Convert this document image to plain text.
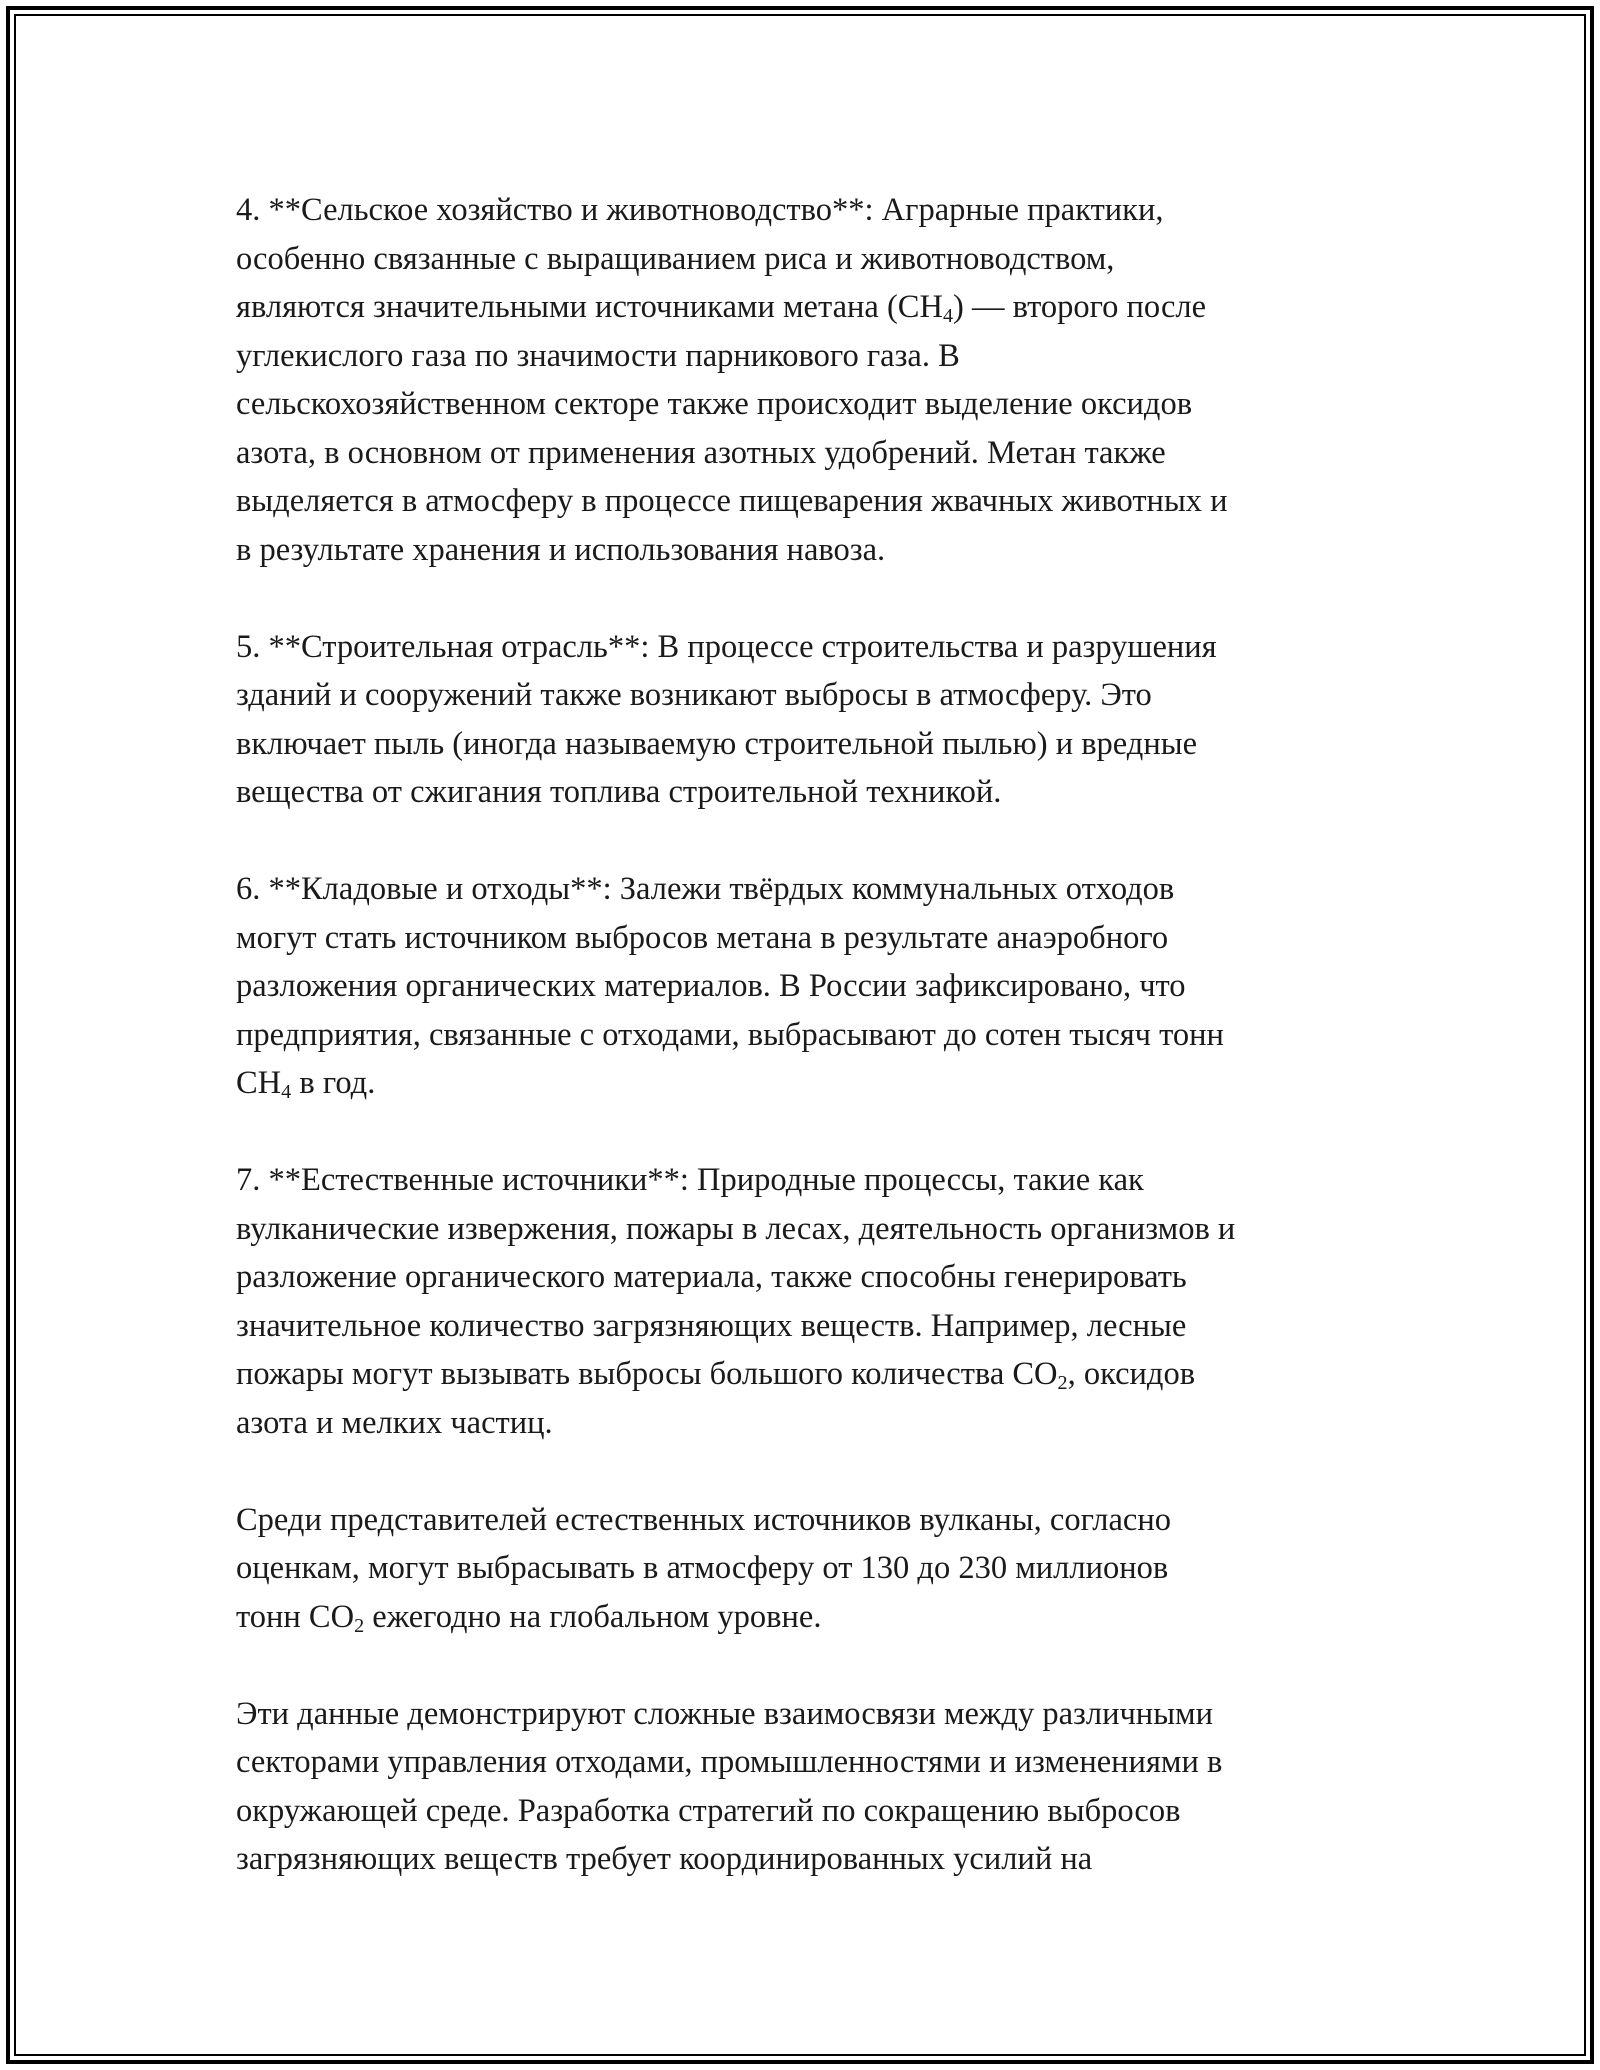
4. **Сельское хозяйство и животноводство**: Аграрные практики,
особенно связанные с выращиванием риса и животноводством,
являются значительными источниками метана $(CH_4)$ — второго после
углекислого газа по значимости парникового газа. В
сельскохозяйственном секторе также происходит выделение оксидов
азота, в основном от применения азотных удобрений. Метан также
выделяется в атмосферу в процессе пищеварения жвачных животных и
в результате хранения и использования навоза.

5. **Строительная отрасль**: В процессе строительства и разрушения
зданий и сооружений также возникают выбросы в атмосферу. Это
включает пыль (иногда называемую строительной пылью) и вредные
вещества от сжигания топлива строительной техникой.

6. **Кладовые и отходы**: Залежи твёрдых коммунальных отходов
могут стать источником выбросов метана в результате анаэробного
разложения органических материалов. В России зафиксировано, что
предприятия, связанные с отходами, выбрасывают до сотен тысяч тонн
$CH_4$ в год.

7. **Естественные источники**: Природные процессы, такие как
вулканические извержения, пожары в лесах, деятельность организмов и
разложение органического материала, также способны генерировать
значительное количество загрязняющих веществ. Например, лесные
пожары могут вызывать выбросы большого количества $CO_2$, оксидов
азота и мелких частиц.

Среди представителей естественных источников вулканы, согласно
оценкам, могут выбрасывать в атмосферу от 130 до 230 миллионов
тонн $CO_2$ ежегодно на глобальном уровне.

Эти данные демонстрируют сложные взаимосвязи между различными
секторами управления отходами, промышленностями и изменениями в
окружающей среде. Разработка стратегий по сокращению выбросов
загрязняющих веществ требует координированных усилий на
